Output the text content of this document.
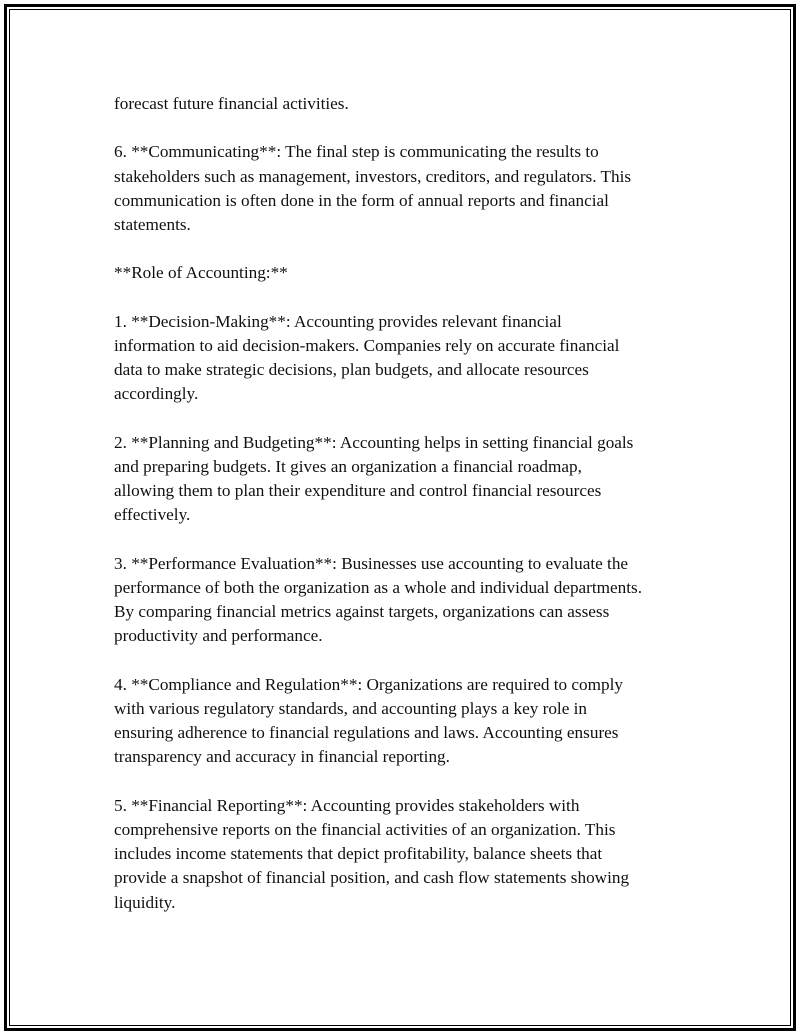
forecast future financial activities.

6. **Communicating**: The final step is communicating the results to
stakeholders such as management, investors, creditors, and regulators. This
communication is often done in the form of annual reports and financial
statements.

**Role of Accounting:**

1. **Decision-Making**: Accounting provides relevant financial
information to aid decision-makers. Companies rely on accurate financial
data to make strategic decisions, plan budgets, and allocate resources
accordingly.

2. **Planning and Budgeting**: Accounting helps in setting financial goals
and preparing budgets. It gives an organization a financial roadmap,
allowing them to plan their expenditure and control financial resources
effectively.

3. **Performance Evaluation**: Businesses use accounting to evaluate the
performance of both the organization as a whole and individual departments.
By comparing financial metrics against targets, organizations can assess
productivity and performance.

4. **Compliance and Regulation**: Organizations are required to comply
with various regulatory standards, and accounting plays a key role in
ensuring adherence to financial regulations and laws. Accounting ensures
transparency and accuracy in financial reporting.

5. **Financial Reporting**: Accounting provides stakeholders with
comprehensive reports on the financial activities of an organization. This
includes income statements that depict profitability, balance sheets that
provide a snapshot of financial position, and cash flow statements showing
liquidity.
